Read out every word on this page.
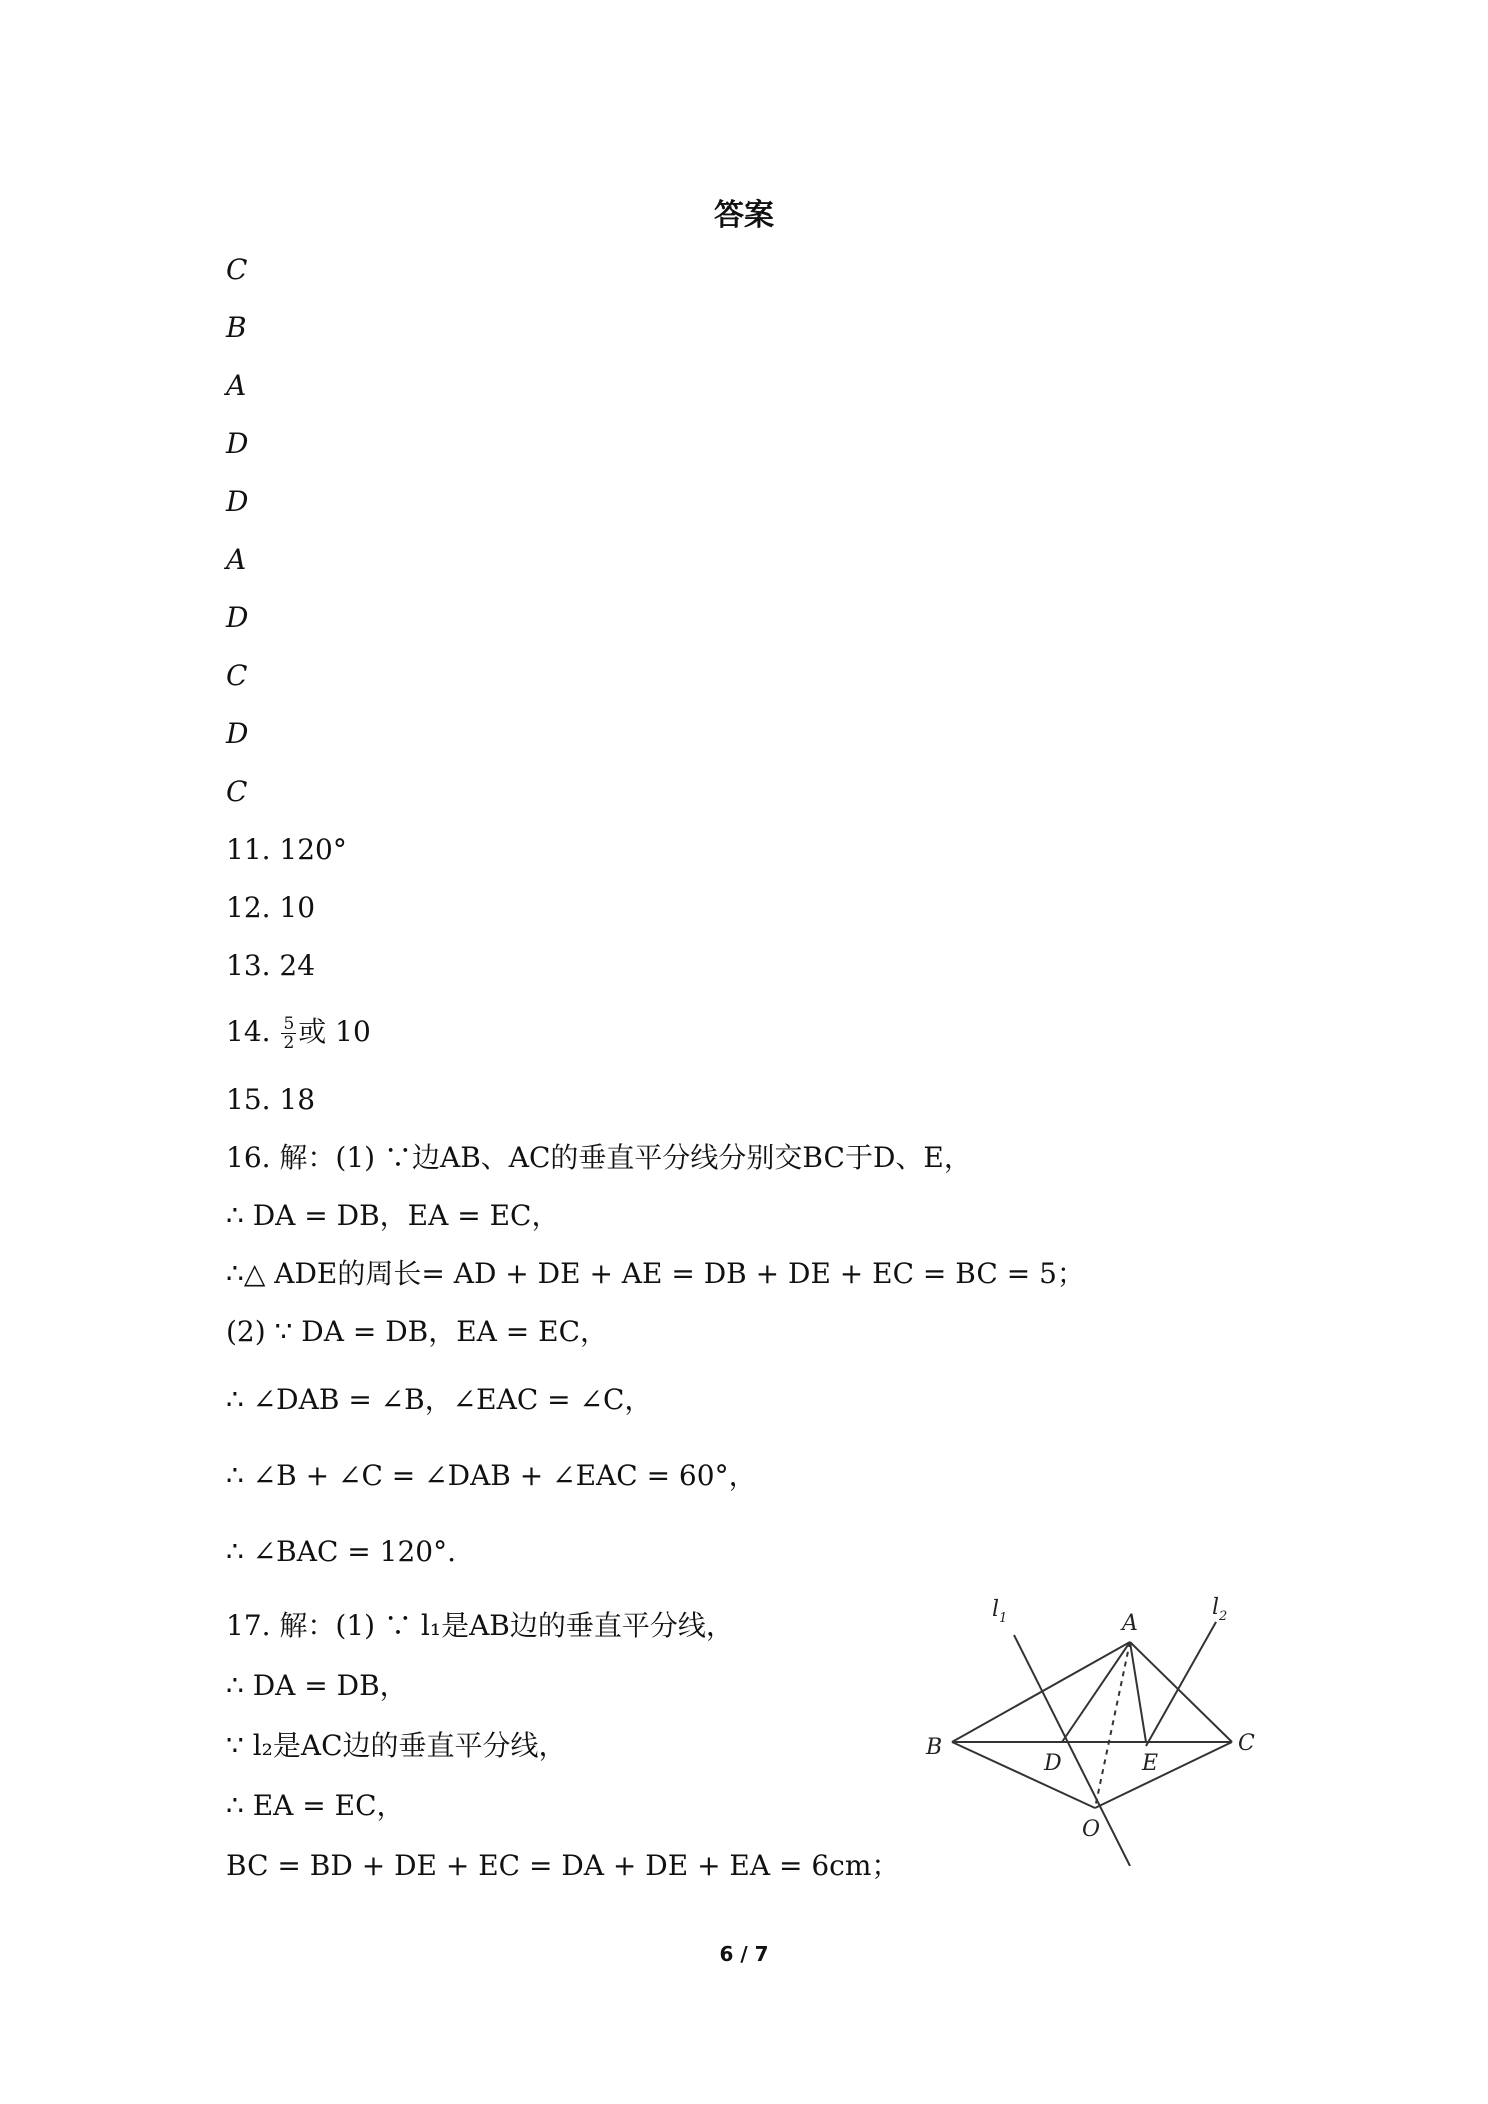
答案
C
B
A
D
D
A
D
C
D
C
11. 120°
12. 10
13. 24
14. $\frac{5}{2}$ 或 10
15. 18
16. 解：(1) ∵边AB、AC的垂直平分线分别交BC于D、E，
∴ DA = DB，EA = EC，
∴△ ADE的周长= AD + DE + AE = DB + DE + EC = BC = 5；
(2) ∵ DA = DB，EA = EC，
∴ ∠DAB = ∠B，∠EAC = ∠C，
∴ ∠B + ∠C = ∠DAB + ∠EAC = 60°，
∴ ∠BAC = 120°.
17. 解：(1) ∵ l₁是AB边的垂直平分线，
∴ DA = DB，
∵ l₂是AC边的垂直平分线，
∴ EA = EC，
BC = BD + DE + EC = DA + DE + EA = 6cm；
$l_1$	$l_2$
A
B	C
D	E
O
6 / 7
